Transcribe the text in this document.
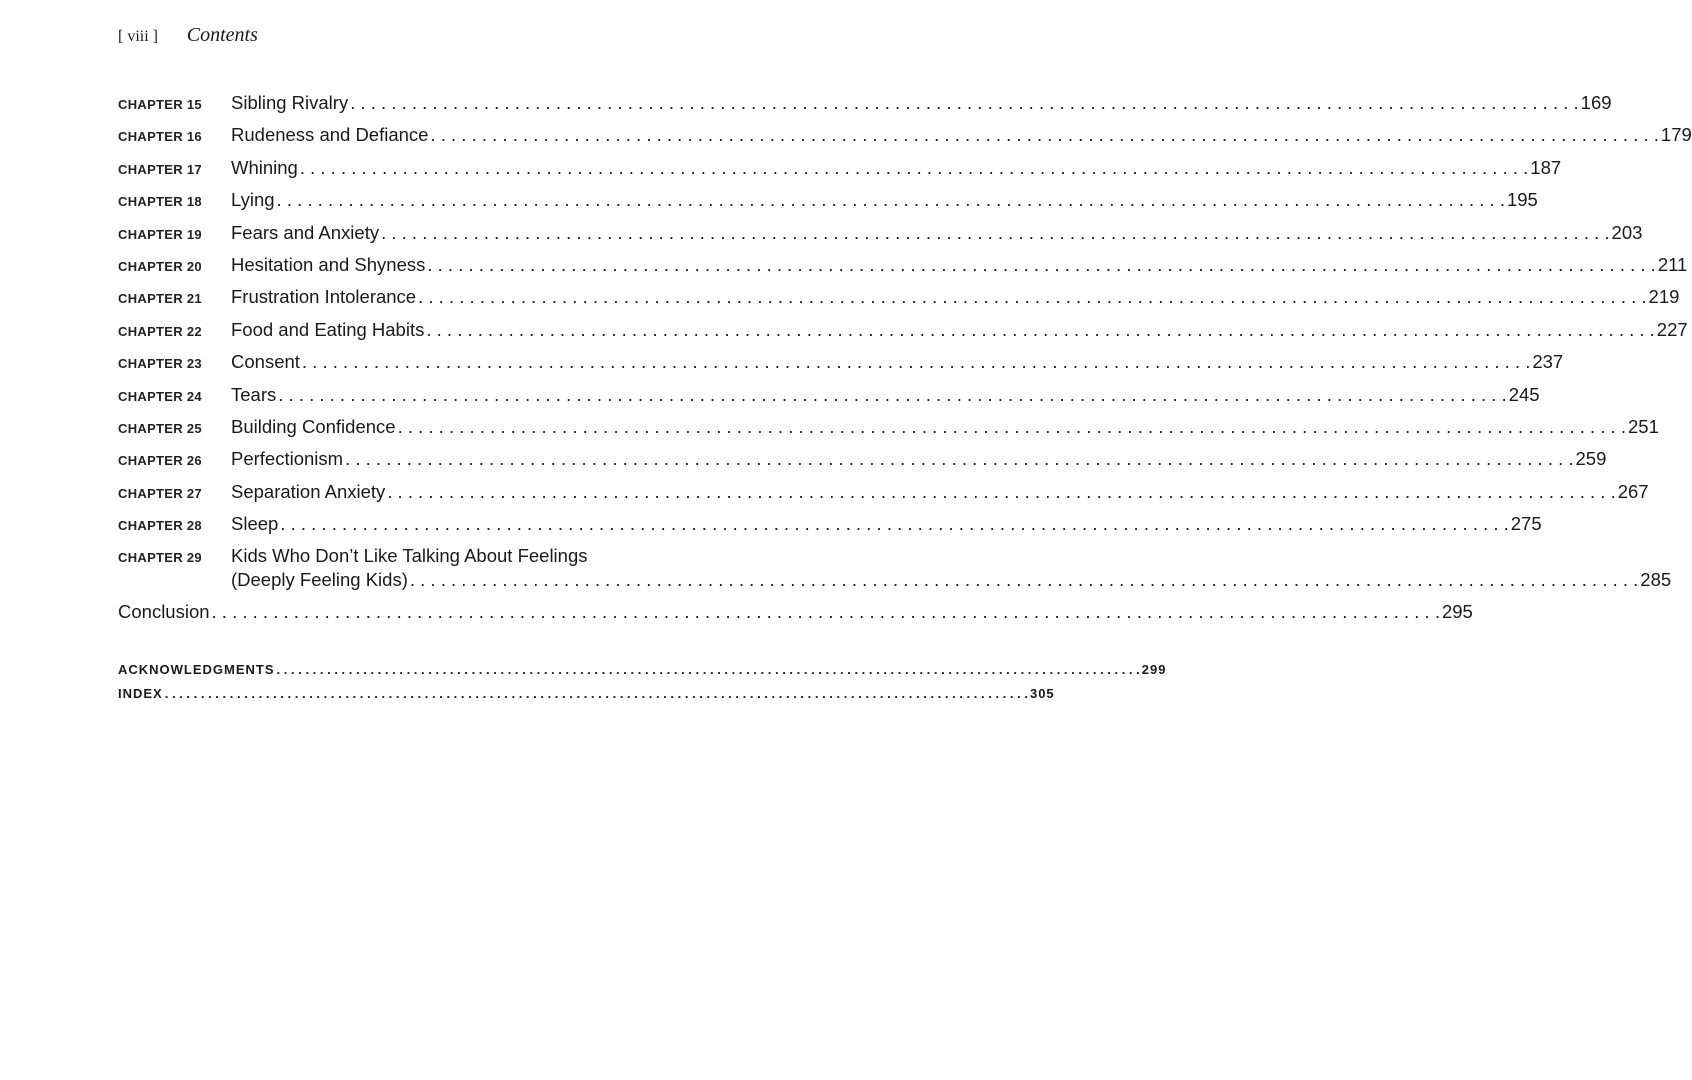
[ viii ] Contents
CHAPTER 15	Sibling Rivalry . . .	169
CHAPTER 16	Rudeness and Defiance . . .	179
CHAPTER 17	Whining . . .	187
CHAPTER 18	Lying . . .	195
CHAPTER 19	Fears and Anxiety . . .	203
CHAPTER 20	Hesitation and Shyness . . .	211
CHAPTER 21	Frustration Intolerance . . .	219
CHAPTER 22	Food and Eating Habits . . .	227
CHAPTER 23	Consent . . .	237
CHAPTER 24	Tears . . .	245
CHAPTER 25	Building Confidence . . .	251
CHAPTER 26	Perfectionism . . .	259
CHAPTER 27	Separation Anxiety . . .	267
CHAPTER 28	Sleep . . .	275
CHAPTER 29	Kids Who Don’t Like Talking About Feelings
(Deeply Feeling Kids) . . .	285
Conclusion . . .	295
ACKNOWLEDGMENTS . . .	299
INDEX . . .	305
